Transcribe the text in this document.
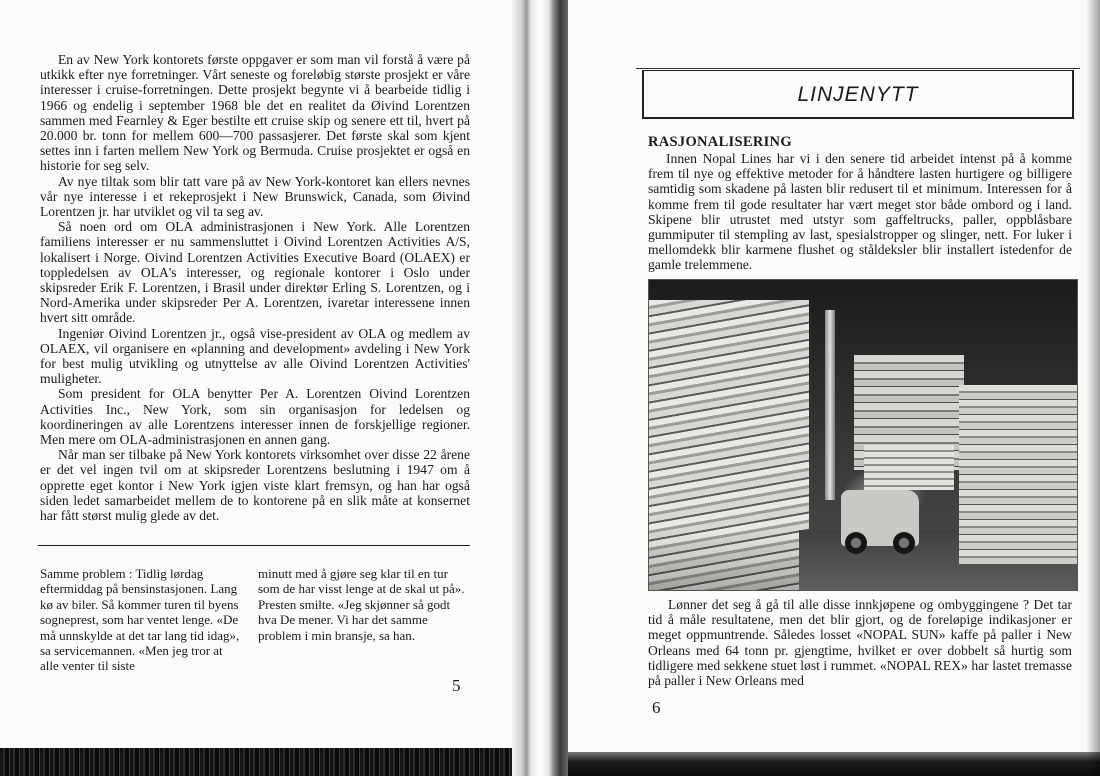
En av New York kontorets første oppgaver er som man vil forstå å være på utkikk efter nye forretninger. Vårt seneste og foreløbig største prosjekt er våre interesser i cruise-forretningen. Dette prosjekt begynte vi å bearbeide tidlig i 1966 og endelig i september 1968 ble det en realitet da Øivind Lorentzen sammen med Fearnley & Eger bestilte ett cruise skip og senere ett til, hvert på 20.000 br. tonn for mellem 600—700 passasjerer. Det første skal som kjent settes inn i farten mellem New York og Bermuda. Cruise prosjektet er også en historie for seg selv.

Av nye tiltak som blir tatt vare på av New York-kontoret kan ellers nevnes vår nye interesse i et rekeprosjekt i New Brunswick, Canada, som Øivind Lorentzen jr. har utviklet og vil ta seg av.

Så noen ord om OLA administrasjonen i New York. Alle Lorentzen familiens interesser er nu sammensluttet i Oivind Lorentzen Activities A/S, lokalisert i Norge. Oivind Lorentzen Activities Executive Board (OLAEX) er toppledelsen av OLA's interesser, og regionale kontorer i Oslo under skipsreder Erik F. Lorentzen, i Brasil under direktør Erling S. Lorentzen, og i Nord-Amerika under skipsreder Per A. Lorentzen, ivaretar interessene innen hvert sitt område.

Ingeniør Oivind Lorentzen jr., også vise-president av OLA og medlem av OLAEX, vil organisere en «planning and development» avdeling i New York for best mulig utvikling og utnyttelse av alle Oivind Lorentzen Activities' muligheter.

Som president for OLA benytter Per A. Lorentzen Oivind Lorentzen Activities Inc., New York, som sin organisasjon for ledelsen og koordineringen av alle Lorentzens interesser innen de forskjellige regioner. Men mere om OLA-administrasjonen en annen gang.

Når man ser tilbake på New York kontorets virksomhet over disse 22 årene er det vel ingen tvil om at skipsreder Lorentzens beslutning i 1947 om å opprette eget kontor i New York igjen viste klart fremsyn, og han har også siden ledet samarbeidet mellem de to kontorene på en slik måte at konsernet har fått størst mulig glede av det.

Samme problem : Tidlig lørdag eftermiddag på bensinstasjonen. Lang kø av biler. Så kommer turen til byens sogneprest, som har ventet lenge. «De må unnskylde at det tar lang tid idag», sa servicemannen. «Men jeg tror at alle venter til siste

minutt med å gjøre seg klar til en tur som de har visst lenge at de skal ut på». Presten smilte. «Jeg skjønner så godt hva De mener. Vi har det samme problem i min bransje, sa han.

5
LINJENYTT
RASJONALISERING

Innen Nopal Lines har vi i den senere tid arbeidet intenst på å komme frem til nye og effektive metoder for å håndtere lasten hurtigere og billigere samtidig som skadene på lasten blir redusert til et minimum. Interessen for å komme frem til gode resultater har vært meget stor både ombord og i land. Skipene blir utrustet med utstyr som gaffeltrucks, paller, oppblåsbare gummiputer til stempling av last, spesialstropper og slinger, nett. For luker i mellomdekk blir karmene flushet og ståldeksler blir installert istedenfor de gamle trelemmene.

Lønner det seg å gå til alle disse innkjøpene og ombyggingene ? Det tar tid å måle resultatene, men det blir gjort, og de foreløpige indikasjoner er meget oppmuntrende. Således losset «NOPAL SUN» kaffe på paller i New Orleans med 64 tonn pr. gjengtime, hvilket er over dobbelt så hurtig som tidligere med sekkene stuet løst i rummet. «NOPAL REX» har lastet tremasse på paller i New Orleans med

6
